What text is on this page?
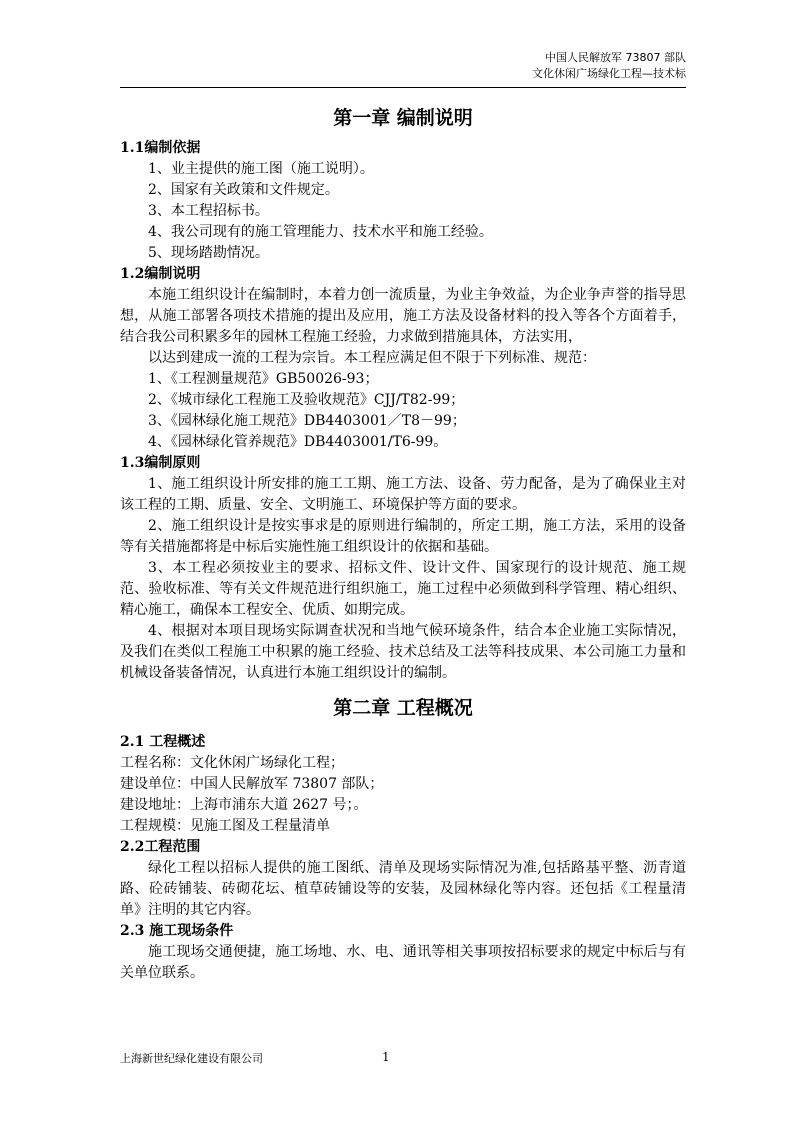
中国人民解放军 73807 部队
文化休闲广场绿化工程—技术标
第一章 编制说明
1.1编制依据
1、业主提供的施工图（施工说明）。
2、国家有关政策和文件规定。
3、本工程招标书。
4、我公司现有的施工管理能力、技术水平和施工经验。
5、现场踏勘情况。
1.2编制说明

本施工组织设计在编制时，本着力创一流质量，为业主争效益，为企业争声誉的指导思想，从施工部署各项技术措施的提出及应用，施工方法及设备材料的投入等各个方面着手，结合我公司积累多年的园林工程施工经验，力求做到措施具体，方法实用，

以达到建成一流的工程为宗旨。本工程应满足但不限于下列标准、规范：

1、《工程测量规范》GB50026-93；
2、《城市绿化工程施工及验收规范》CJJ/T82-99；
3、《园林绿化施工规范》DB4403001／T8－99；
4、《园林绿化管养规范》DB4403001/T6-99。
1.3编制原则

1、施工组织设计所安排的施工工期、施工方法、设备、劳力配备，是为了确保业主对该工程的工期、质量、安全、文明施工、环境保护等方面的要求。

2、施工组织设计是按实事求是的原则进行编制的，所定工期，施工方法，采用的设备等有关措施都将是中标后实施性施工组织设计的依据和基础。

3、本工程必须按业主的要求、招标文件、设计文件、国家现行的设计规范、施工规范、验收标准、等有关文件规范进行组织施工，施工过程中必须做到科学管理、精心组织、精心施工，确保本工程安全、优质、如期完成。

4、根据对本项目现场实际调查状况和当地气候环境条件，结合本企业施工实际情况，及我们在类似工程施工中积累的施工经验、技术总结及工法等科技成果、本公司施工力量和机械设备装备情况，认真进行本施工组织设计的编制。

第二章 工程概况
2.1 工程概述
工程名称：文化休闲广场绿化工程；
建设单位：中国人民解放军 73807 部队；
建设地址：上海市浦东大道 2627 号；。
工程规模：见施工图及工程量清单
2.2工程范围

绿化工程以招标人提供的施工图纸、清单及现场实际情况为准,包括路基平整、沥青道路、砼砖铺装、砖砌花坛、植草砖铺设等的安装，及园林绿化等内容。还包括《工程量清单》注明的其它内容。

2.3 施工现场条件

施工现场交通便捷，施工场地、水、电、通讯等相关事项按招标要求的规定中标后与有关单位联系。

上海新世纪绿化建设有限公司	1
